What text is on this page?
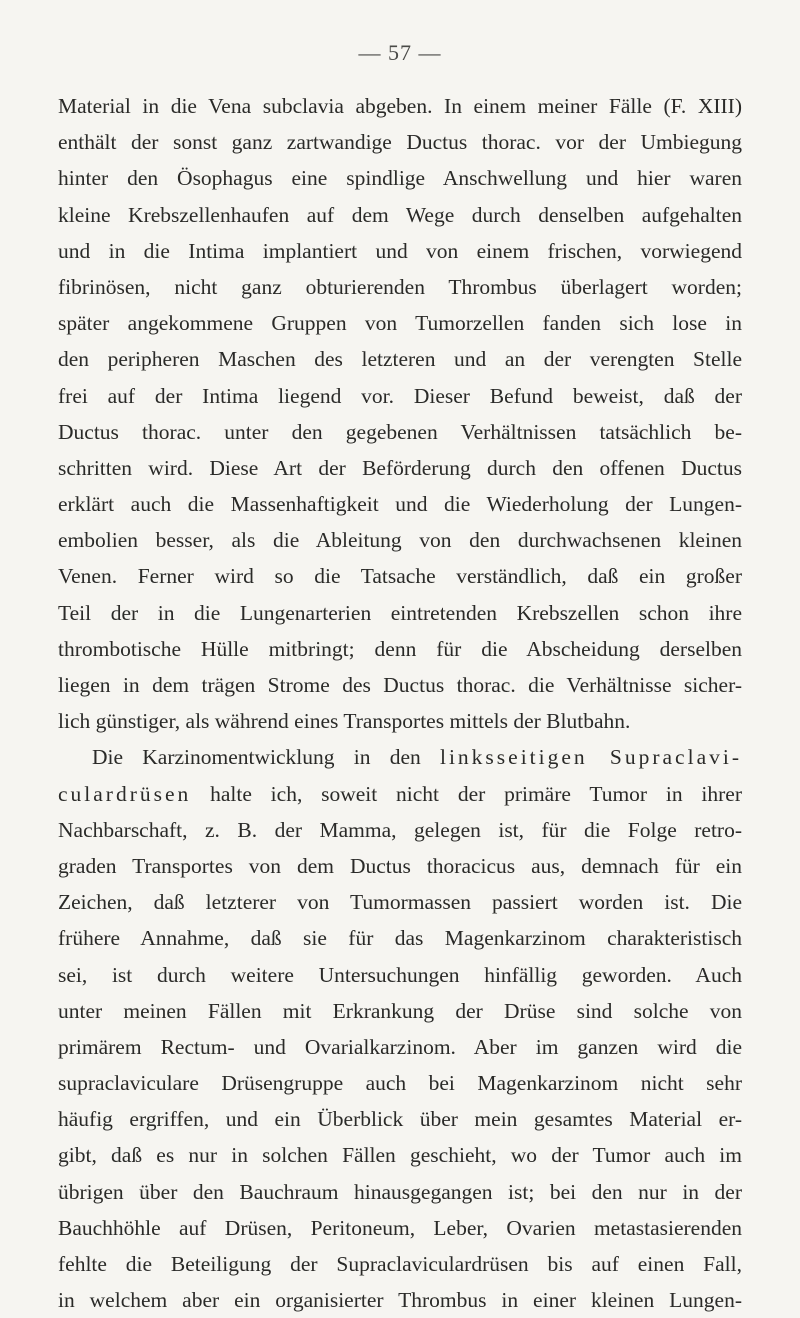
— 57 —
Material in die Vena subclavia abgeben. In einem meiner Fälle (F. XIII)
enthält der sonst ganz zartwandige Ductus thorac. vor der Umbiegung
hinter den Ösophagus eine spindlige Anschwellung und hier waren
kleine Krebszellenhaufen auf dem Wege durch denselben aufgehalten
und in die Intima implantiert und von einem frischen, vorwiegend
fibrinösen, nicht ganz obturierenden Thrombus überlagert worden;
später angekommene Gruppen von Tumorzellen fanden sich lose in
den peripheren Maschen des letzteren und an der verengten Stelle
frei auf der Intima liegend vor. Dieser Befund beweist, daß der
Ductus thorac. unter den gegebenen Verhältnissen tatsächlich be-
schritten wird. Diese Art der Beförderung durch den offenen Ductus
erklärt auch die Massenhaftigkeit und die Wiederholung der Lungen-
embolien besser, als die Ableitung von den durchwachsenen kleinen
Venen. Ferner wird so die Tatsache verständlich, daß ein großer
Teil der in die Lungenarterien eintretenden Krebszellen schon ihre
thrombotische Hülle mitbringt; denn für die Abscheidung derselben
liegen in dem trägen Strome des Ductus thorac. die Verhältnisse sicher-
lich günstiger, als während eines Transportes mittels der Blutbahn.
Die Karzinomentwicklung in den linksseitigen Supraclavi-
culardrüsen halte ich, soweit nicht der primäre Tumor in ihrer
Nachbarschaft, z. B. der Mamma, gelegen ist, für die Folge retro-
graden Transportes von dem Ductus thoracicus aus, demnach für ein
Zeichen, daß letzterer von Tumormassen passiert worden ist. Die
frühere Annahme, daß sie für das Magenkarzinom charakteristisch
sei, ist durch weitere Untersuchungen hinfällig geworden. Auch
unter meinen Fällen mit Erkrankung der Drüse sind solche von
primärem Rectum- und Ovarialkarzinom. Aber im ganzen wird die
supraclaviculare Drüsengruppe auch bei Magenkarzinom nicht sehr
häufig ergriffen, und ein Überblick über mein gesamtes Material er-
gibt, daß es nur in solchen Fällen geschieht, wo der Tumor auch im
übrigen über den Bauchraum hinausgegangen ist; bei den nur in der
Bauchhöhle auf Drüsen, Peritoneum, Leber, Ovarien metastasierenden
fehlte die Beteiligung der Supraclaviculardrüsen bis auf einen Fall,
in welchem aber ein organisierter Thrombus in einer kleinen Lungen-
